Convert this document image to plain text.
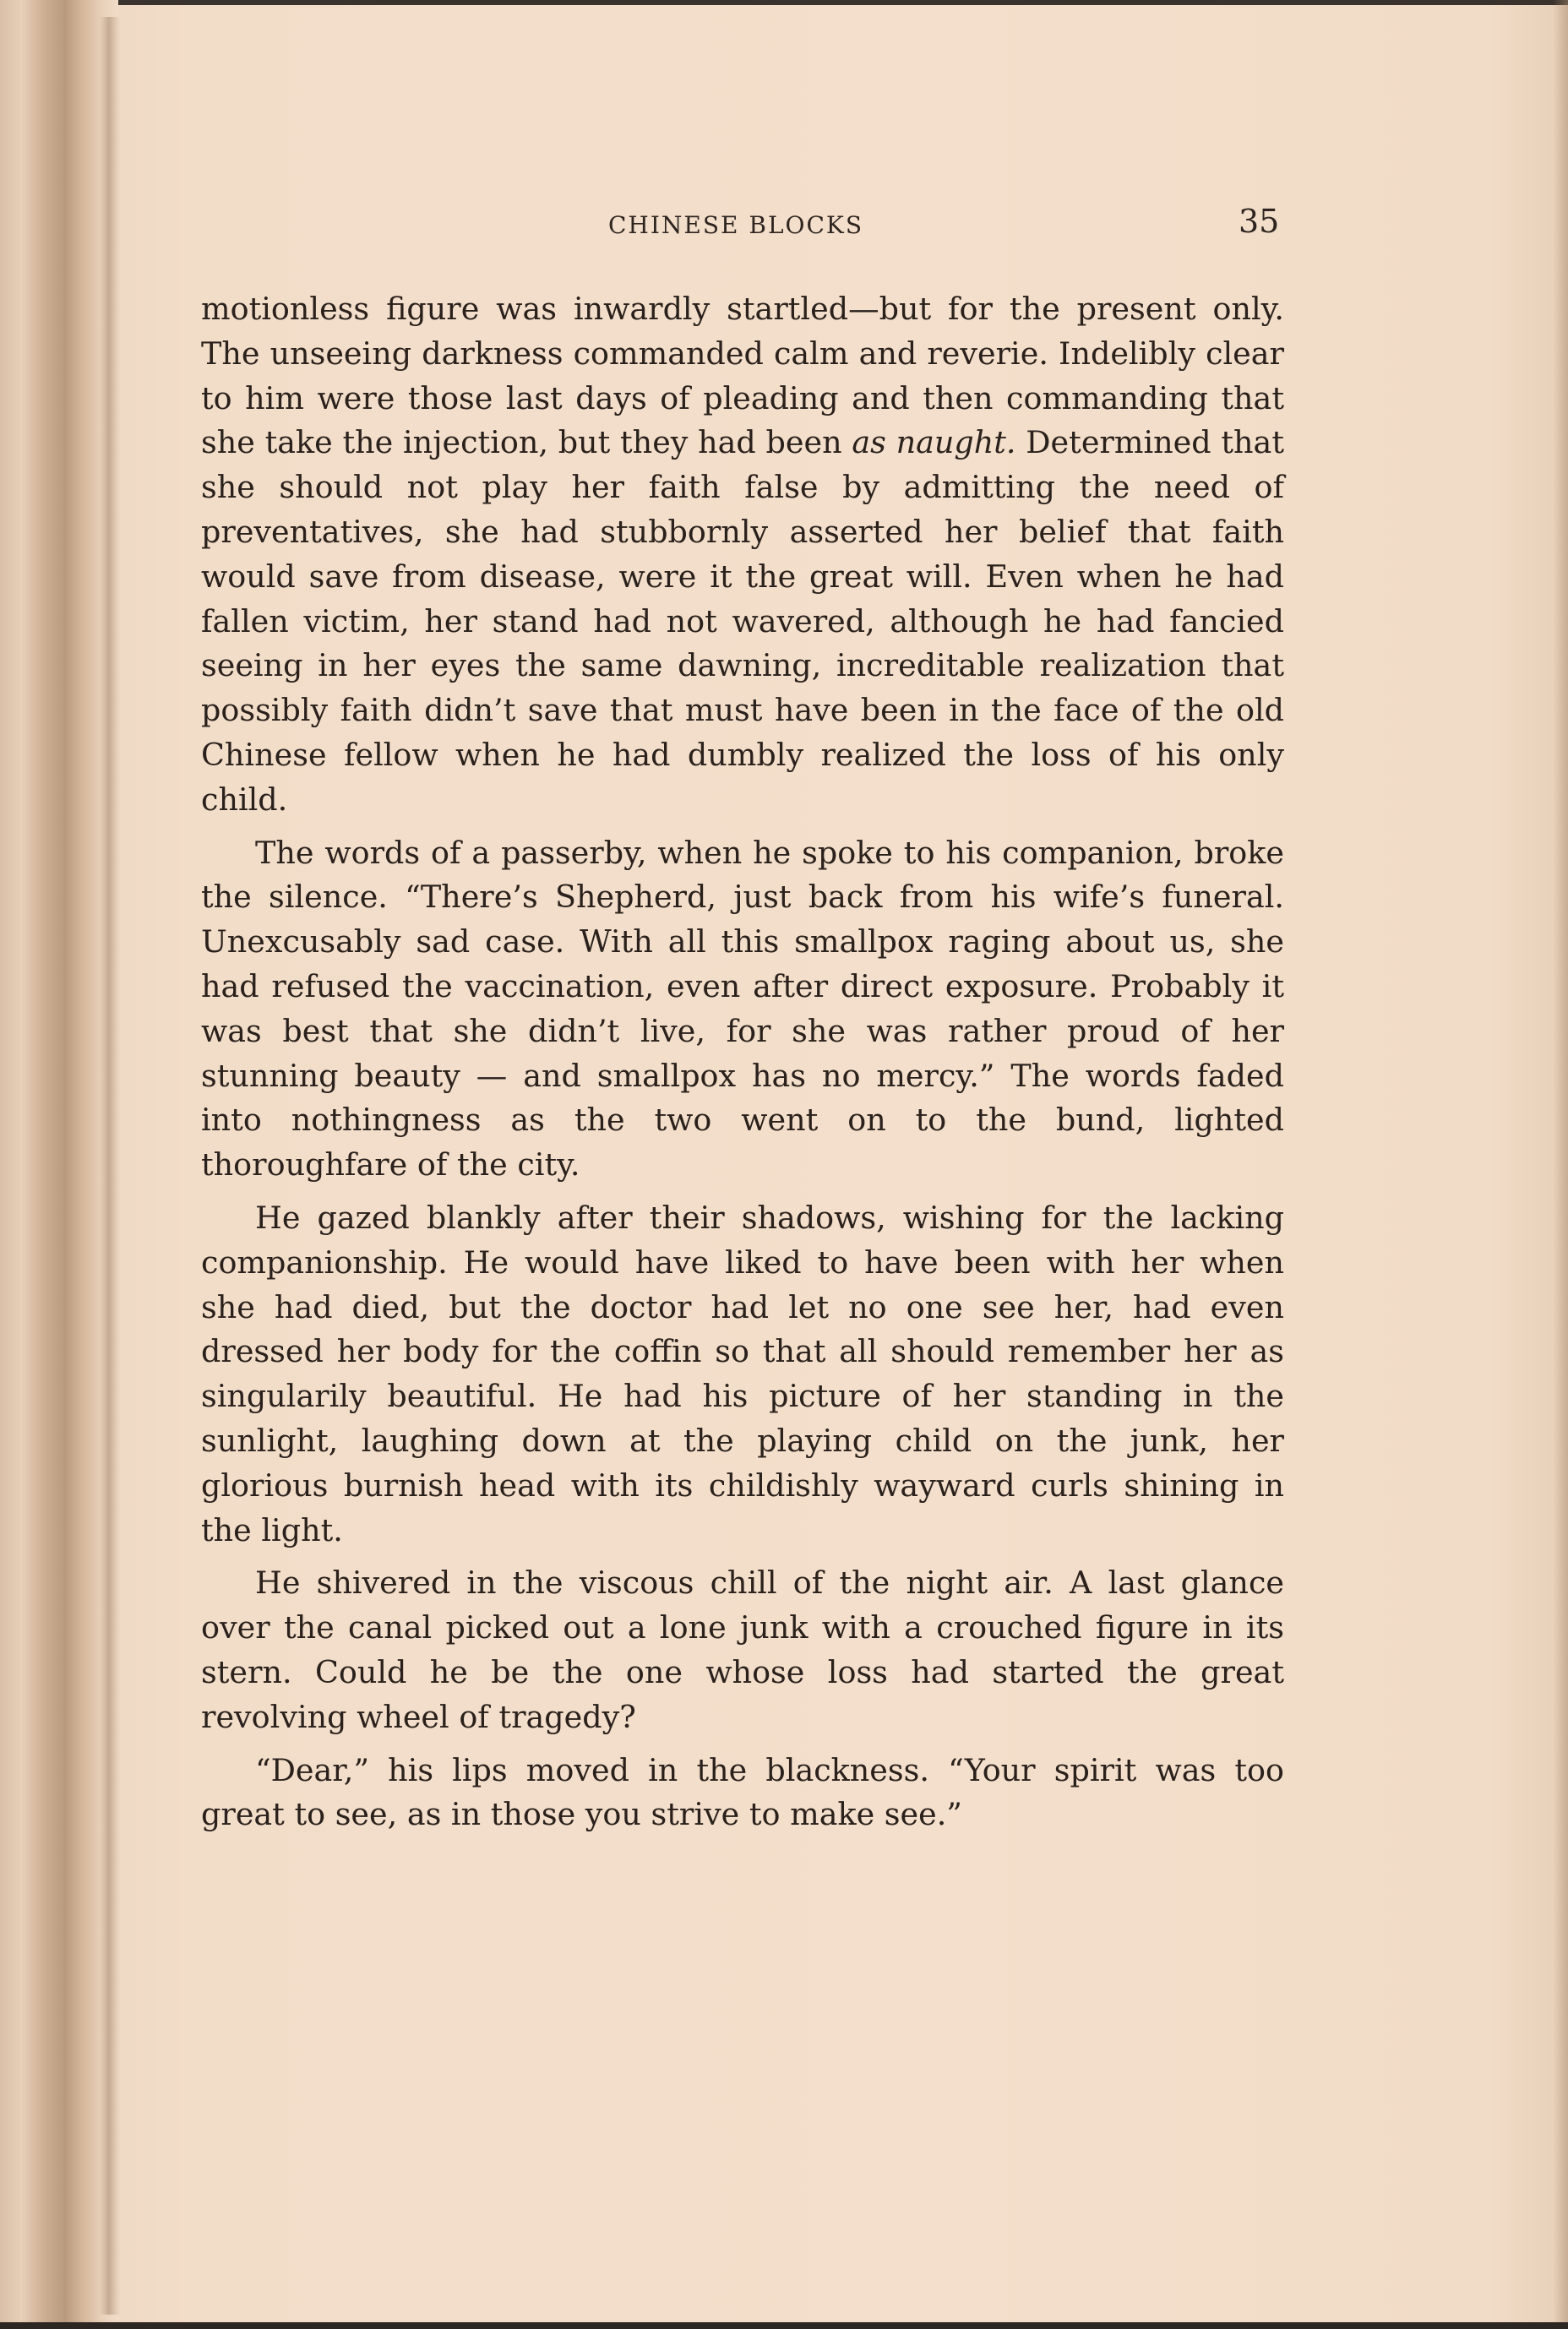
CHINESE BLOCKS	35

motionless figure was inwardly startled—but for the present only. The unseeing darkness commanded calm and reverie. Indelibly clear to him were those last days of pleading and then commanding that she take the injection, but they had been as naught. Determined that she should not play her faith false by admitting the need of preventatives, she had stubbornly asserted her belief that faith would save from disease, were it the great will. Even when he had fallen victim, her stand had not wavered, although he had fancied seeing in her eyes the same dawning, increditable realization that possibly faith didn’t save that must have been in the face of the old Chinese fellow when he had dumbly realized the loss of his only child.

The words of a passerby, when he spoke to his companion, broke the silence. “There’s Shepherd, just back from his wife’s funeral. Unexcusably sad case. With all this smallpox raging about us, she had refused the vaccination, even after direct exposure. Probably it was best that she didn’t live, for she was rather proud of her stunning beauty — and smallpox has no mercy.” The words faded into nothingness as the two went on to the bund, lighted thoroughfare of the city.

He gazed blankly after their shadows, wishing for the lacking companionship. He would have liked to have been with her when she had died, but the doctor had let no one see her, had even dressed her body for the coffin so that all should remember her as singularily beautiful. He had his picture of her standing in the sunlight, laughing down at the playing child on the junk, her glorious burnish head with its childishly wayward curls shining in the light.

He shivered in the viscous chill of the night air. A last glance over the canal picked out a lone junk with a crouched figure in its stern. Could he be the one whose loss had started the great revolving wheel of tragedy?

“Dear,” his lips moved in the blackness. “Your spirit was too great to see, as in those you strive to make see.”
